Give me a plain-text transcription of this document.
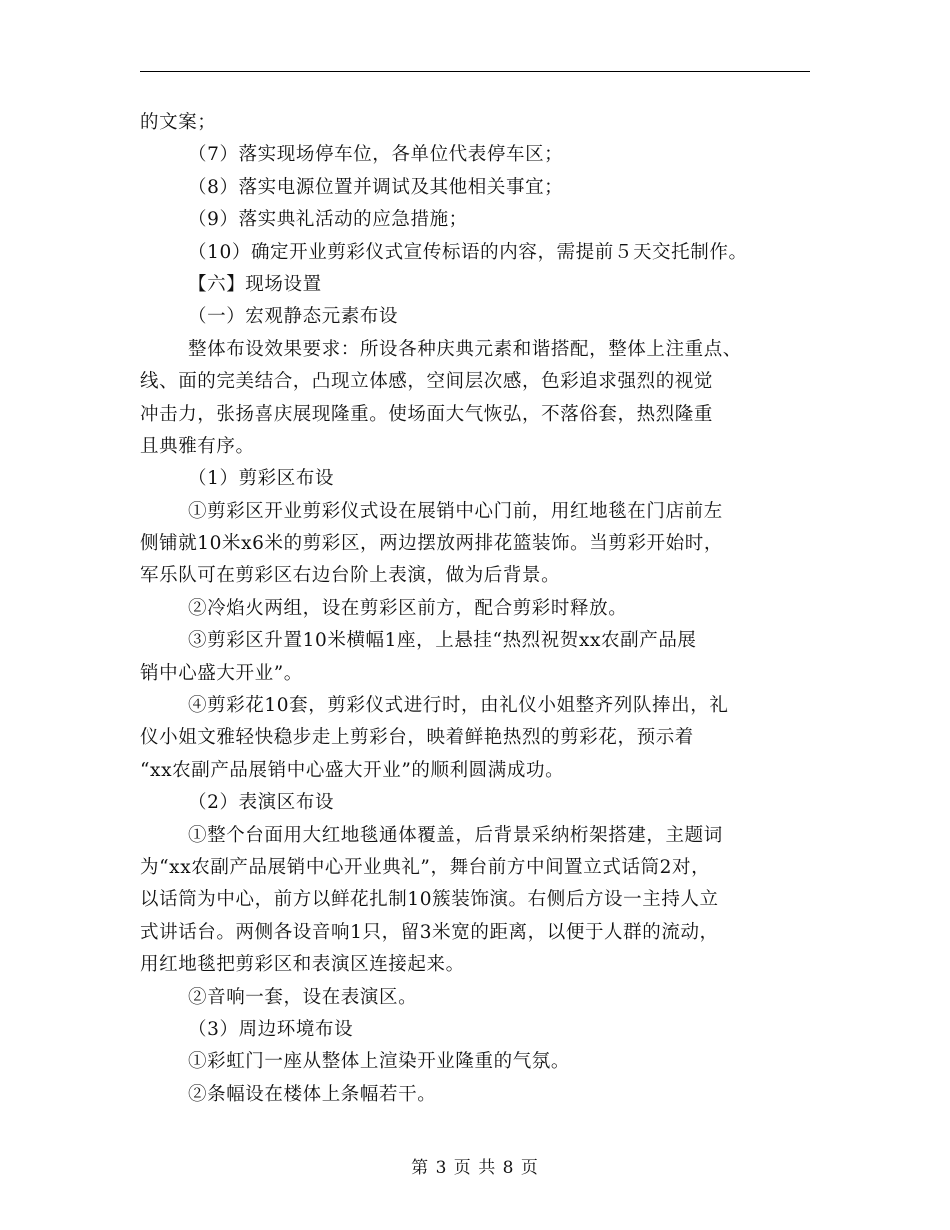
的文案；
（7）落实现场停车位，各单位代表停车区；
（8）落实电源位置并调试及其他相关事宜；
（9）落实典礼活动的应急措施；
（10）确定开业剪彩仪式宣传标语的内容，需提前５天交托制作。
【六】现场设置
（一）宏观静态元素布设
整体布设效果要求：所设各种庆典元素和谐搭配，整体上注重点、
线、面的完美结合，凸现立体感，空间层次感，色彩追求强烈的视觉
冲击力，张扬喜庆展现隆重。使场面大气恢弘，不落俗套，热烈隆重
且典雅有序。
（1）剪彩区布设
①剪彩区开业剪彩仪式设在展销中心门前，用红地毯在门店前左
侧铺就10米x6米的剪彩区，两边摆放两排花篮装饰。当剪彩开始时，
军乐队可在剪彩区右边台阶上表演，做为后背景。
②冷焰火两组，设在剪彩区前方，配合剪彩时释放。
③剪彩区升置10米横幅1座，上悬挂“热烈祝贺xx农副产品展
销中心盛大开业”。
④剪彩花10套，剪彩仪式进行时，由礼仪小姐整齐列队捧出，礼
仪小姐文雅轻快稳步走上剪彩台，映着鲜艳热烈的剪彩花，预示着
“xx农副产品展销中心盛大开业”的顺利圆满成功。
（2）表演区布设
①整个台面用大红地毯通体覆盖，后背景采纳桁架搭建，主题词
为“xx农副产品展销中心开业典礼”，舞台前方中间置立式话筒2对，
以话筒为中心，前方以鲜花扎制10簇装饰演。右侧后方设一主持人立
式讲话台。两侧各设音响1只，留3米宽的距离，以便于人群的流动，
用红地毯把剪彩区和表演区连接起来。
②音响一套，设在表演区。
（3）周边环境布设
①彩虹门一座从整体上渲染开业隆重的气氛。
②条幅设在楼体上条幅若干。
第 3 页 共 8 页
